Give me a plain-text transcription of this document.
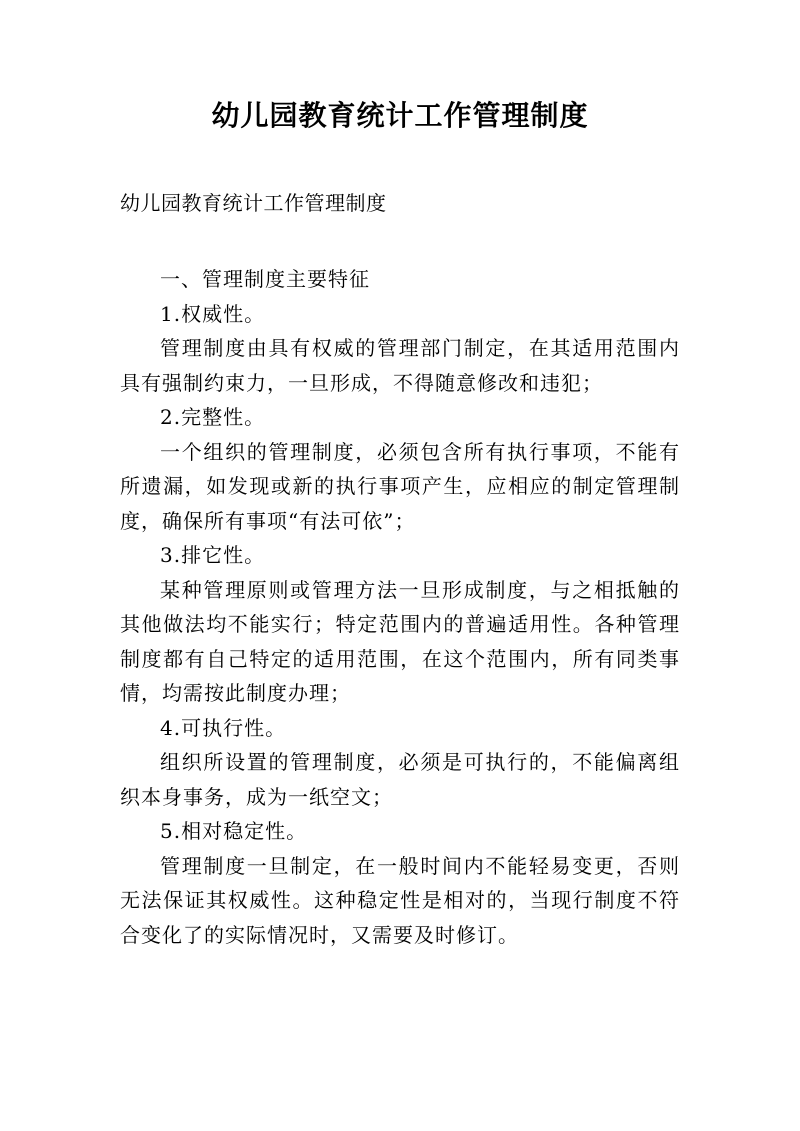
幼儿园教育统计工作管理制度

幼儿园教育统计工作管理制度

一、管理制度主要特征

1.权威性。

管理制度由具有权威的管理部门制定，在其适用范围内具有强制约束力，一旦形成，不得随意修改和违犯；

2.完整性。

一个组织的管理制度，必须包含所有执行事项，不能有所遗漏，如发现或新的执行事项产生，应相应的制定管理制度，确保所有事项“有法可依”；

3.排它性。

某种管理原则或管理方法一旦形成制度，与之相抵触的其他做法均不能实行；特定范围内的普遍适用性。各种管理制度都有自己特定的适用范围，在这个范围内，所有同类事情，均需按此制度办理；

4.可执行性。

组织所设置的管理制度，必须是可执行的，不能偏离组织本身事务，成为一纸空文；

5.相对稳定性。

管理制度一旦制定，在一般时间内不能轻易变更，否则无法保证其权威性。这种稳定性是相对的，当现行制度不符合变化了的实际情况时，又需要及时修订。
